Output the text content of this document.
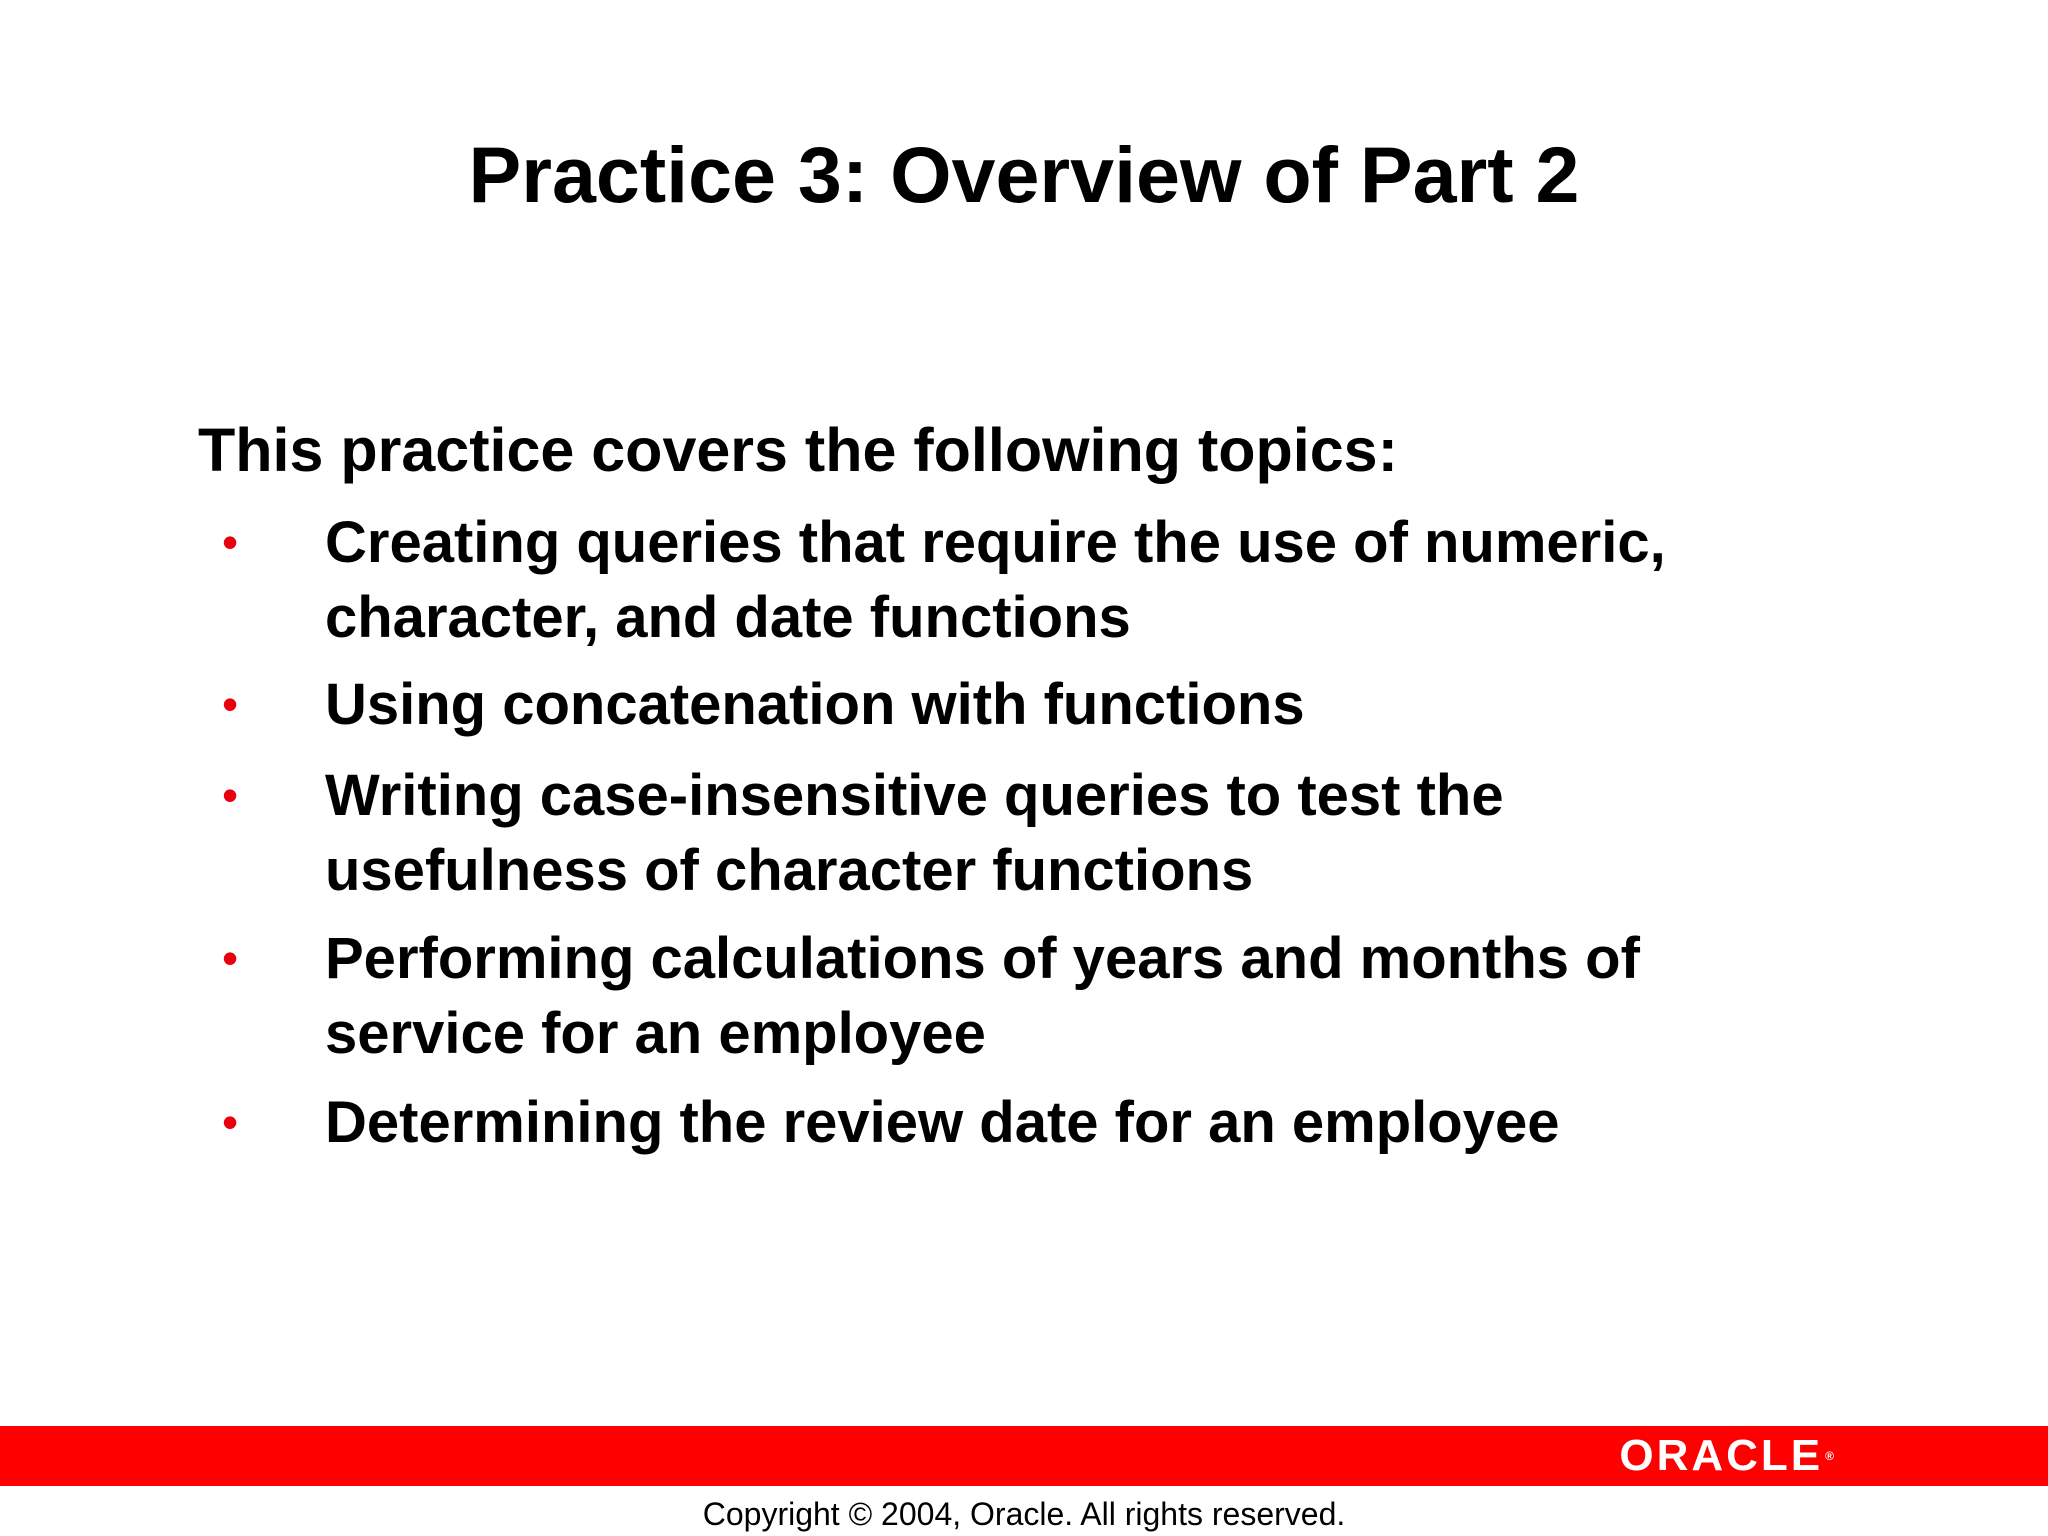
Practice 3: Overview of Part 2

This practice covers the following topics:

• Creating queries that require the use of numeric,
character, and date functions
• Using concatenation with functions
• Writing case-insensitive queries to test the
usefulness of character functions
• Performing calculations of years and months of
service for an employee
• Determining the review date for an employee
ORACLE ®

Copyright © 2004, Oracle. All rights reserved.
